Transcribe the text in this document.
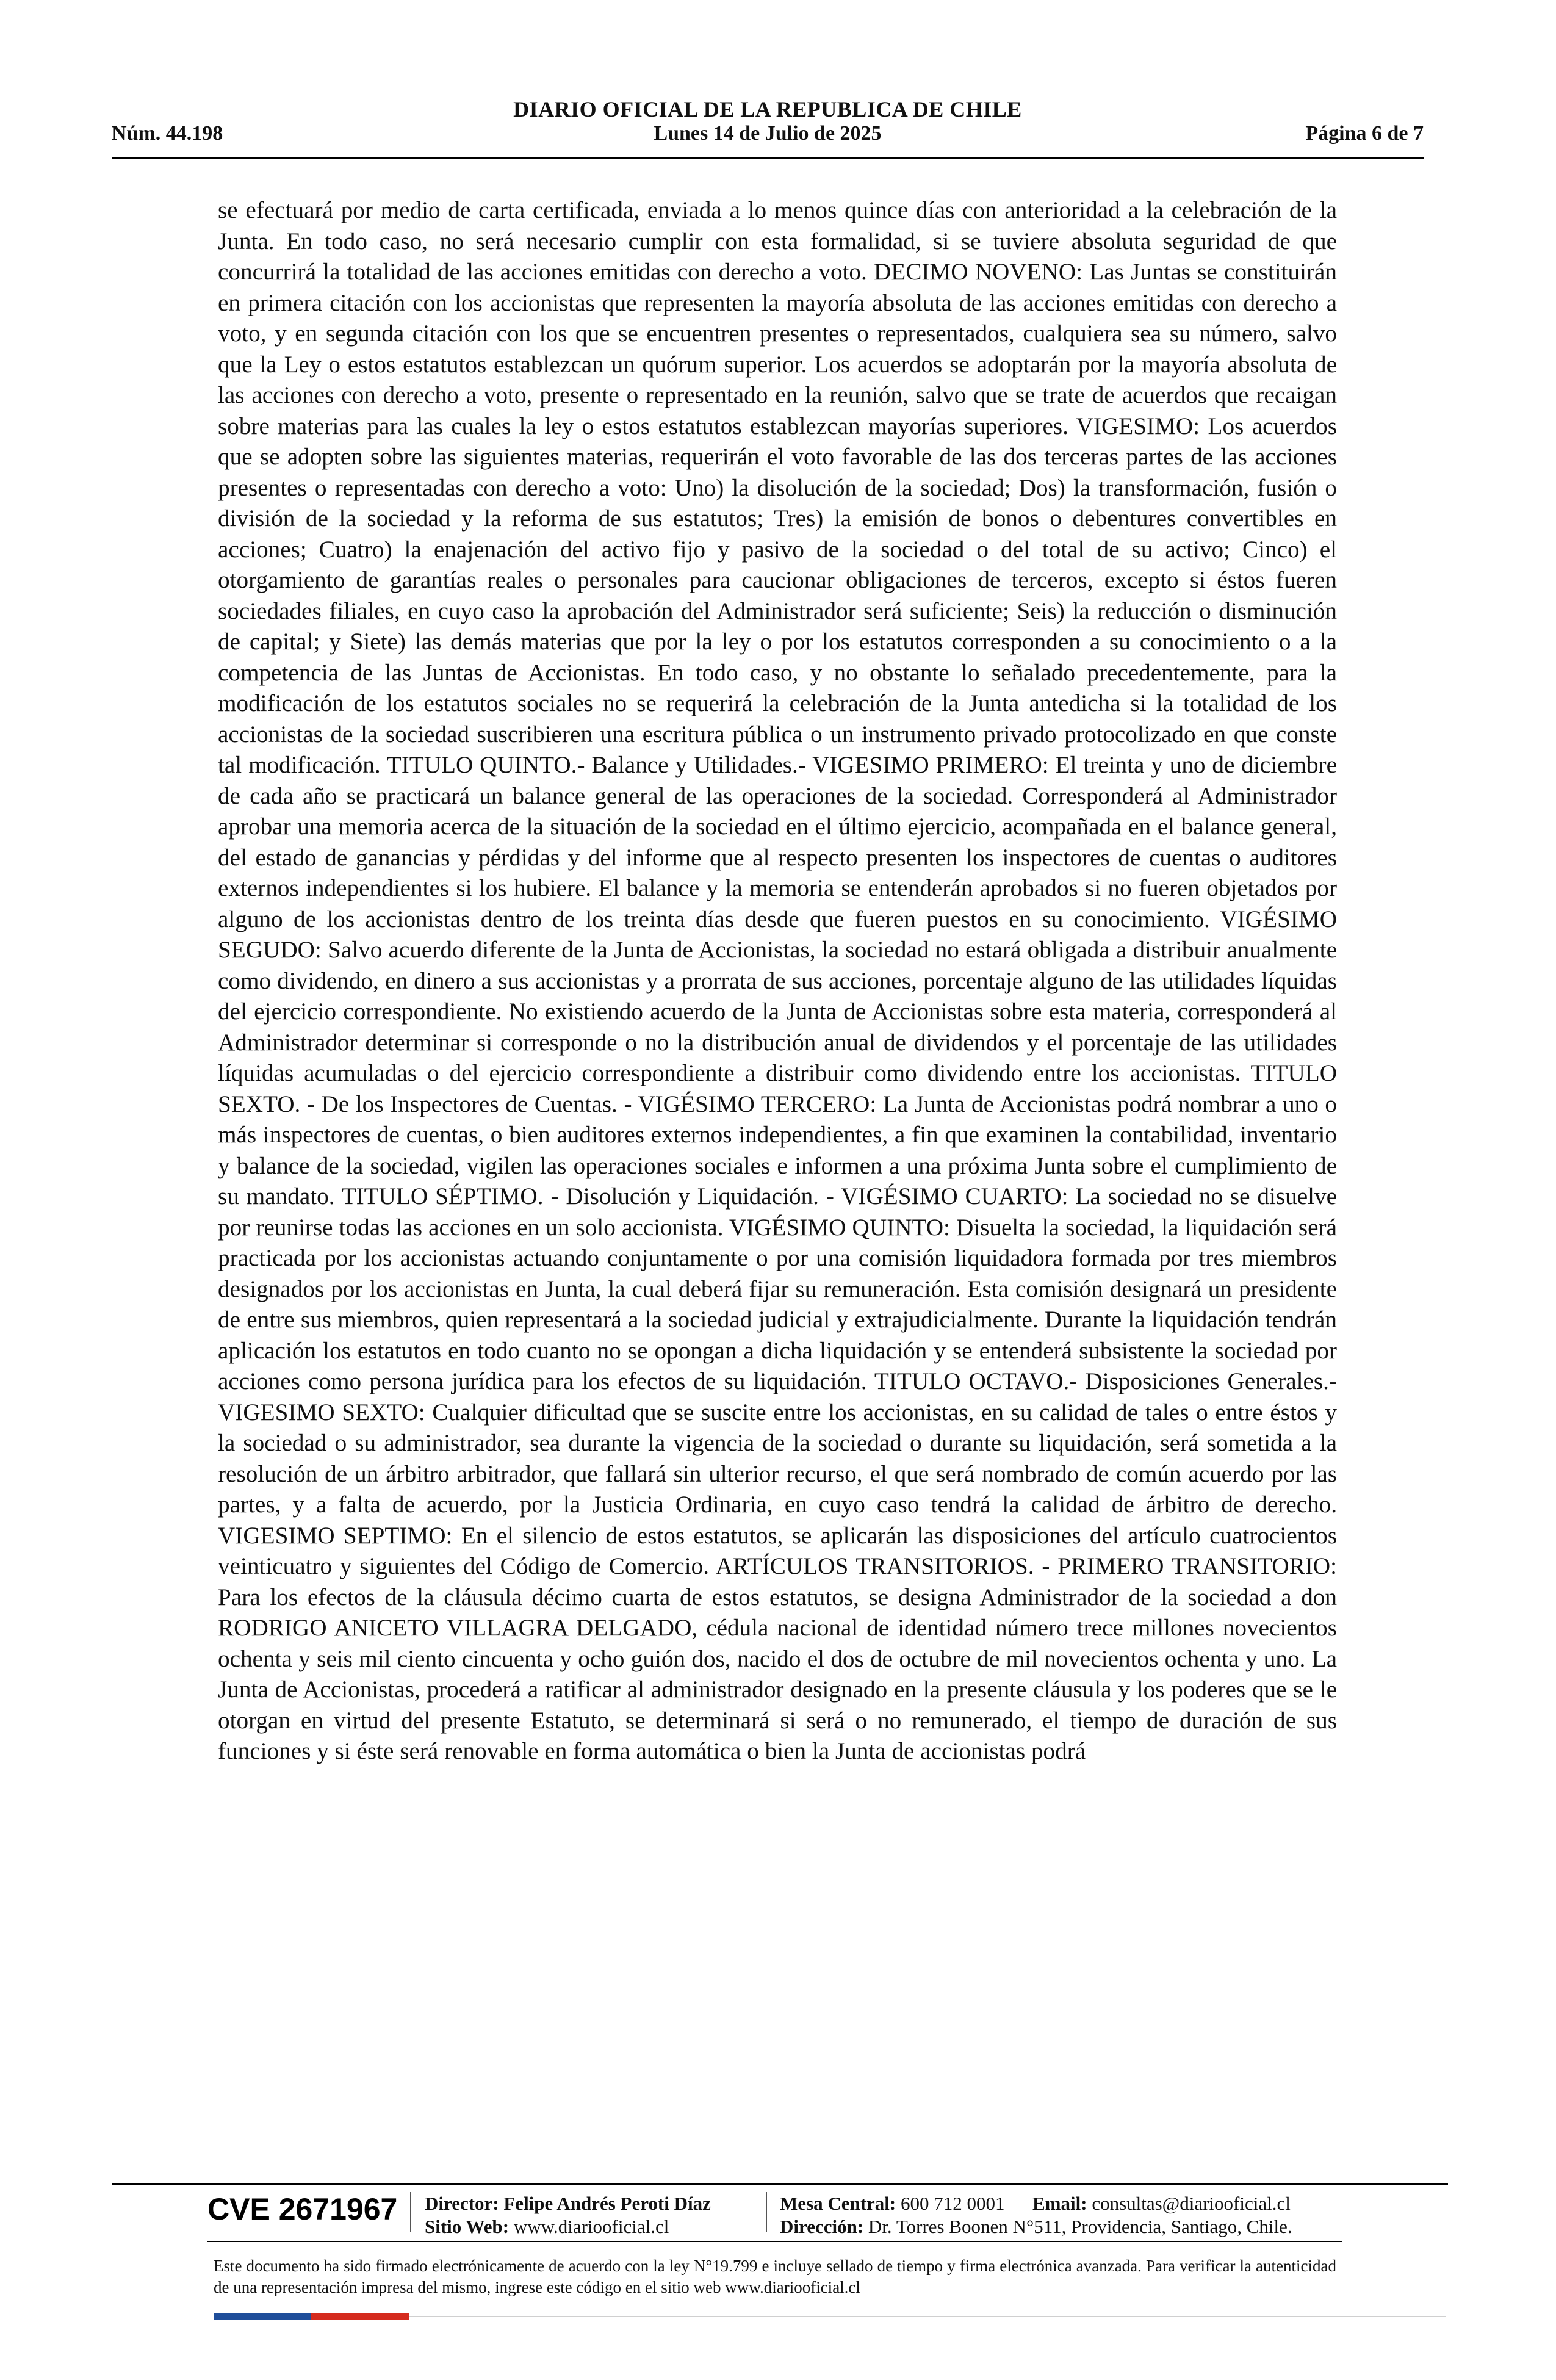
DIARIO OFICIAL DE LA REPUBLICA DE CHILE
Núm. 44.198	Lunes 14 de Julio de 2025	Página 6 de 7
se efectuará por medio de carta certificada, enviada a lo menos quince días con anterioridad a la celebración de la Junta. En todo caso, no será necesario cumplir con esta formalidad, si se tuviere absoluta seguridad de que concurrirá la totalidad de las acciones emitidas con derecho a voto. DECIMO NOVENO: Las Juntas se constituirán en primera citación con los accionistas que representen la mayoría absoluta de las acciones emitidas con derecho a voto, y en segunda citación con los que se encuentren presentes o representados, cualquiera sea su número, salvo que la Ley o estos estatutos establezcan un quórum superior. Los acuerdos se adoptarán por la mayoría absoluta de las acciones con derecho a voto, presente o representado en la reunión, salvo que se trate de acuerdos que recaigan sobre materias para las cuales la ley o estos estatutos establezcan mayorías superiores. VIGESIMO: Los acuerdos que se adopten sobre las siguientes materias, requerirán el voto favorable de las dos terceras partes de las acciones presentes o representadas con derecho a voto: Uno) la disolución de la sociedad; Dos) la transformación, fusión o división de la sociedad y la reforma de sus estatutos; Tres) la emisión de bonos o debentures convertibles en acciones; Cuatro) la enajenación del activo fijo y pasivo de la sociedad o del total de su activo; Cinco) el otorgamiento de garantías reales o personales para caucionar obligaciones de terceros, excepto si éstos fueren sociedades filiales, en cuyo caso la aprobación del Administrador será suficiente; Seis) la reducción o disminución de capital; y Siete) las demás materias que por la ley o por los estatutos corresponden a su conocimiento o a la competencia de las Juntas de Accionistas. En todo caso, y no obstante lo señalado precedentemente, para la modificación de los estatutos sociales no se requerirá la celebración de la Junta antedicha si la totalidad de los accionistas de la sociedad suscribieren una escritura pública o un instrumento privado protocolizado en que conste tal modificación. TITULO QUINTO.- Balance y Utilidades.- VIGESIMO PRIMERO: El treinta y uno de diciembre de cada año se practicará un balance general de las operaciones de la sociedad. Corresponderá al Administrador aprobar una memoria acerca de la situación de la sociedad en el último ejercicio, acompañada en el balance general, del estado de ganancias y pérdidas y del informe que al respecto presenten los inspectores de cuentas o auditores externos independientes si los hubiere. El balance y la memoria se entenderán aprobados si no fueren objetados por alguno de los accionistas dentro de los treinta días desde que fueren puestos en su conocimiento. VIGÉSIMO SEGUDO: Salvo acuerdo diferente de la Junta de Accionistas, la sociedad no estará obligada a distribuir anualmente como dividendo, en dinero a sus accionistas y a prorrata de sus acciones, porcentaje alguno de las utilidades líquidas del ejercicio correspondiente. No existiendo acuerdo de la Junta de Accionistas sobre esta materia, corresponderá al Administrador determinar si corresponde o no la distribución anual de dividendos y el porcentaje de las utilidades líquidas acumuladas o del ejercicio correspondiente a distribuir como dividendo entre los accionistas. TITULO SEXTO. - De los Inspectores de Cuentas. - VIGÉSIMO TERCERO: La Junta de Accionistas podrá nombrar a uno o más inspectores de cuentas, o bien auditores externos independientes, a fin que examinen la contabilidad, inventario y balance de la sociedad, vigilen las operaciones sociales e informen a una próxima Junta sobre el cumplimiento de su mandato. TITULO SÉPTIMO. - Disolución y Liquidación. - VIGÉSIMO CUARTO: La sociedad no se disuelve por reunirse todas las acciones en un solo accionista. VIGÉSIMO QUINTO: Disuelta la sociedad, la liquidación será practicada por los accionistas actuando conjuntamente o por una comisión liquidadora formada por tres miembros designados por los accionistas en Junta, la cual deberá fijar su remuneración. Esta comisión designará un presidente de entre sus miembros, quien representará a la sociedad judicial y extrajudicialmente. Durante la liquidación tendrán aplicación los estatutos en todo cuanto no se opongan a dicha liquidación y se entenderá subsistente la sociedad por acciones como persona jurídica para los efectos de su liquidación. TITULO OCTAVO.- Disposiciones Generales.- VIGESIMO SEXTO: Cualquier dificultad que se suscite entre los accionistas, en su calidad de tales o entre éstos y la sociedad o su administrador, sea durante la vigencia de la sociedad o durante su liquidación, será sometida a la resolución de un árbitro arbitrador, que fallará sin ulterior recurso, el que será nombrado de común acuerdo por las partes, y a falta de acuerdo, por la Justicia Ordinaria, en cuyo caso tendrá la calidad de árbitro de derecho. VIGESIMO SEPTIMO: En el silencio de estos estatutos, se aplicarán las disposiciones del artículo cuatrocientos veinticuatro y siguientes del Código de Comercio. ARTÍCULOS TRANSITORIOS. - PRIMERO TRANSITORIO: Para los efectos de la cláusula décimo cuarta de estos estatutos, se designa Administrador de la sociedad a don RODRIGO ANICETO VILLAGRA DELGADO, cédula nacional de identidad número trece millones novecientos ochenta y seis mil ciento cincuenta y ocho guión dos, nacido el dos de octubre de mil novecientos ochenta y uno. La Junta de Accionistas, procederá a ratificar al administrador designado en la presente cláusula y los poderes que se le otorgan en virtud del presente Estatuto, se determinará si será o no remunerado, el tiempo de duración de sus funciones y si éste será renovable en forma automática o bien la Junta de accionistas podrá
CVE 2671967 Director: Felipe Andrés Peroti Díaz
Sitio Web: www.diariooficial.cl
Mesa Central: 600 712 0001 Email: consultas@diariooficial.cl
Dirección: Dr. Torres Boonen N°511, Providencia, Santiago, Chile.
Este documento ha sido firmado electrónicamente de acuerdo con la ley N°19.799 e incluye sellado de tiempo y firma electrónica avanzada. Para verificar la autenticidad de una representación impresa del mismo, ingrese este código en el sitio web www.diariooficial.cl
